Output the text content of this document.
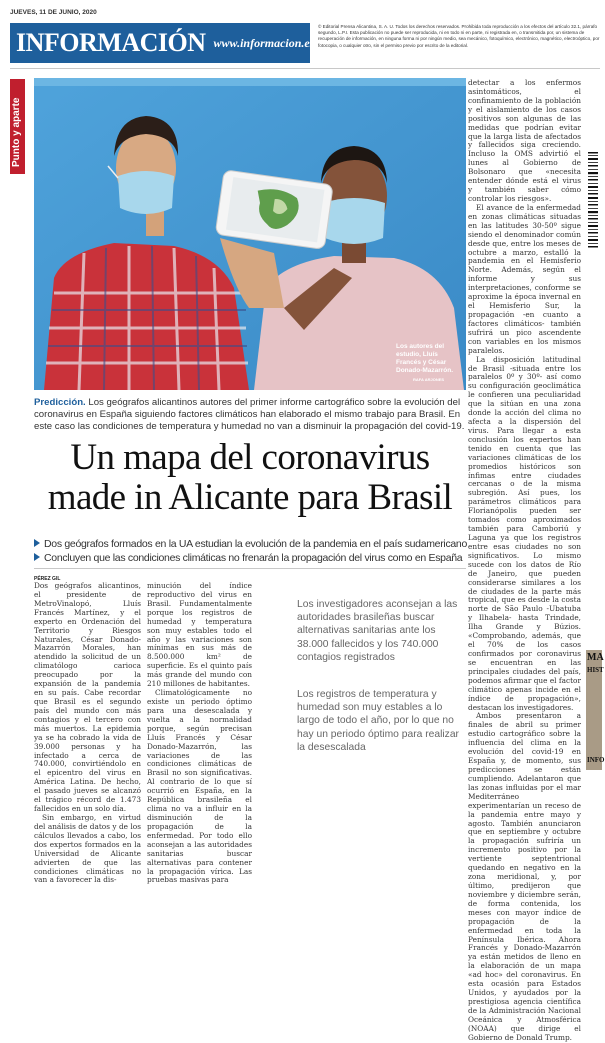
JUEVES, 11 DE JUNIO, 2020
INFORMACIÓN www.informacion.es
© Editorial Prensa Alicantina, S. A. U. Todos los derechos reservados. Prohibida toda reproducción a los efectos del artículo 32.1, párrafo segundo, L.P.I. Esta publicación no puede ser reproducida, ni en todo ni en parte, ni registrada en, o transmitida por, un sistema de recuperación de información, en ninguna forma ni por ningún medio, sea mecánico, fotoquímico, electrónico, magnético, electroóptico, por fotocopia, o cualquier otro, sin el permiso previo por escrito de la editorial.
Punto y aparte
Los autores del estudio, Lluís Francés y César Donado-Mazarrón.
RAFA ARJONES
Predicción. Los geógrafos alicantinos autores del primer informe cartográfico sobre la evolución del coronavirus en España siguiendo factores climáticos han elaborado el mismo trabajo para Brasil. En este caso las condiciones de temperatura y humedad no van a disminuir la propagación del covid-19.
Un mapa del coronavirus
made in Alicante para Brasil
Dos geógrafos formados en la UA estudian la evolución de la pandemia en el país sudamericano
Concluyen que las condiciones climáticas no frenarán la propagación del virus como en España
PÉREZ GIL

Dos geógrafos alicantinos, el presidente de MetroVinalopó, Lluís Francés Martínez, y el experto en Ordenación del Territorio y Riesgos Naturales, César Donado-Mazarrón Morales, han atendido la solicitud de un climatólogo carioca preocupado por la expansión de la pandemia en su país. Cabe recordar que Brasil es el segundo país del mundo con más contagios y el tercero con más muertos. La epidemia ya se ha cobrado la vida de 39.000 personas y ha infectado a cerca de 740.000, convirtiéndolo en el epicentro del virus en América Latina. De hecho, el pasado jueves se alcanzó el trágico récord de 1.473 fallecidos en un solo día.

Sin embargo, en virtud del análisis de datos y de los cálculos llevados a cabo, los dos expertos formados en la Universidad de Alicante advierten de que las condiciones climáticas no van a favorecer la dis-

minución del índice reproductivo del virus en Brasil. Fundamentalmente porque los registros de humedad y temperatura son muy estables todo el año y las variaciones son mínimas en sus más de 8.500.000 km² de superficie. Es el quinto país más grande del mundo con 210 millones de habitantes.

Climatológicamente no existe un periodo óptimo para una desescalada y vuelta a la normalidad porque, según precisan Lluís Francés y César Donado-Mazarrón, las variaciones de las condiciones climáticas de Brasil no son significativas. Al contrario de lo que sí ocurrió en España, en la República brasileña el clima no va a influir en la disminución de la propagación de la enfermedad. Por todo ello aconsejan a las autoridades sanitarias buscar alternativas para contener la propagación vírica. Las pruebas masivas para

Los investigadores aconsejan a las autoridades brasileñas buscar alternativas sanitarias ante los 38.000 fallecidos y los 740.000 contagios registrados
Los registros de temperatura y humedad son muy estables a lo largo de todo el año, por lo que no hay un periodo óptimo para realizar la desescalada

detectar a los enfermos asintomáticos, el confinamiento de la población y el aislamiento de los casos positivos son algunas de las medidas que podrían evitar que la larga lista de afectados y fallecidos siga creciendo. Incluso la OMS advirtió el lunes al Gobierno de Bolsonaro que «necesita entender dónde está el virus y también saber cómo controlar los riesgos».

El avance de la enfermedad en zonas climáticas situadas en las latitudes 30-50º sigue siendo el denominador común desde que, entre los meses de octubre a marzo, estalló la pandemia en el Hemisferio Norte. Además, según el informe y sus interpretaciones, conforme se aproxime la época invernal en el Hemisferio Sur, la propagación -en cuanto a factores climáticos- también sufrirá un pico ascendente con variables en los mismos paralelos.

La disposición latitudinal de Brasil -situada entre los paralelos 0º y 30º- así como su configuración geoclimática le confieren una peculiaridad que la sitúan en una zona donde la acción del clima no afecta a la dispersión del virus. Para llegar a esta conclusión los expertos han tenido en cuenta que las variaciones climáticas de los promedios históricos son ínfimas entre ciudades cercanas o de la misma subregión. Así pues, los parámetros climáticos para Florianópolis pueden ser tomados como aproximados también para Camboriú y Laguna ya que los registros entre esas ciudades no son significativos. Lo mismo sucede con los datos de Río de Janeiro, que pueden considerarse similares a los de ciudades de la parte más tropical, que es desde la costa norte de São Paulo -Ubatuba y Ilhabela- hasta Trindade, Ilha Grande y Búzios. «Comprobando, además, que el 70% de los casos confirmados por coronavirus se encuentran en las principales ciudades del país, podemos afirmar que el factor climático apenas incide en el índice de propagación», destacan los investigadores.

Ambos presentaron a finales de abril su primer estudio cartográfico sobre la influencia del clima en la evolución del covid-19 en España y, de momento, sus predicciones se están cumpliendo. Adelantaron que las zonas influidas por el mar Mediterráneo experimentarían un receso de la pandemia entre mayo y agosto. También anunciaron que en septiembre y octubre la propagación sufriría un incremento positivo por la vertiente septentrional quedando en negativo en la zona meridional, y, por último, predijeron que noviembre y diciembre serán, de forma contenida, los meses con mayor índice de propagación de la enfermedad en toda la Península Ibérica. Ahora Francés y Donado-Mazarrón ya están metidos de lleno en la elaboración de un mapa «ad hoc» del coronavirus. En esta ocasión para Estados Unidos, y ayudados por la prestigiosa agencia científica de la Administración Nacional Oceánica y Atmosférica (NOAA) que dirige el Gobierno de Donald Trump.

MA
HIST
INFO
